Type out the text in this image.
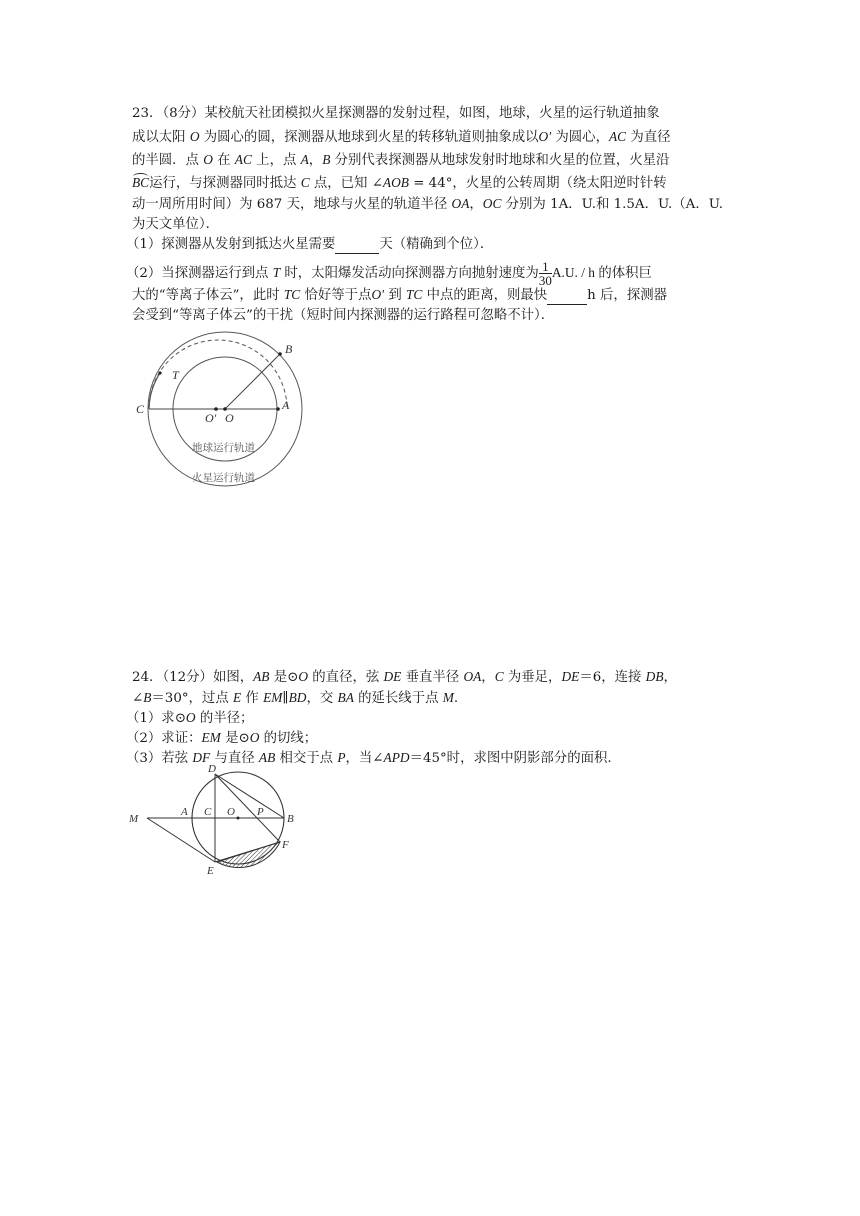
23．（8分）某校航天社团模拟火星探测器的发射过程，如图，地球，火星的运行轨道抽象
成以太阳 O 为圆心的圆，探测器从地球到火星的转移轨道则抽象成以O′ 为圆心，AC 为直径
的半圆．点 O 在 AC 上，点 A，B 分别代表探测器从地球发射时地球和火星的位置，火星沿
BC运行，与探测器同时抵达 C 点，已知 ∠AOB = 44°，火星的公转周期（绕太阳逆时针转
动一周所用时间）为 687 天，地球与火星的轨道半径 OA，OC 分别为 1A．U.和 1.5A．U.（A．U.
为天文单位）．
（1）探测器从发射到抵达火星需要	天（精确到个位）．
（2）当探测器运行到点 T 时，太阳爆发活动向探测器方向抛射速度为 $\frac{1}{30} A.U$. / h 的体积巨
大的“等离子体云”，此时 TC 恰好等于点O′ 到 TC 中点的距离，则最快	h 后，探测器
会受到“等离子体云”的干扰（短时间内探测器的运行路程可忽略不计）．
B
T
C
O′ O
A
地球运行轨道
火星运行轨道
24．（12分）如图，AB 是⊙O 的直径，弦 DE 垂直半径 OA，C 为垂足，DE＝6，连接 DB，
∠B＝30°，过点 E 作 EM∥BD，交 BA 的延长线于点 M.
（1）求⊙O 的半径；
（2）求证：EM 是⊙O 的切线；
（3）若弦 DF 与直径 AB 相交于点 P，当∠APD＝45°时，求图中阴影部分的面积.
D
M
A C O P
B
F
E
